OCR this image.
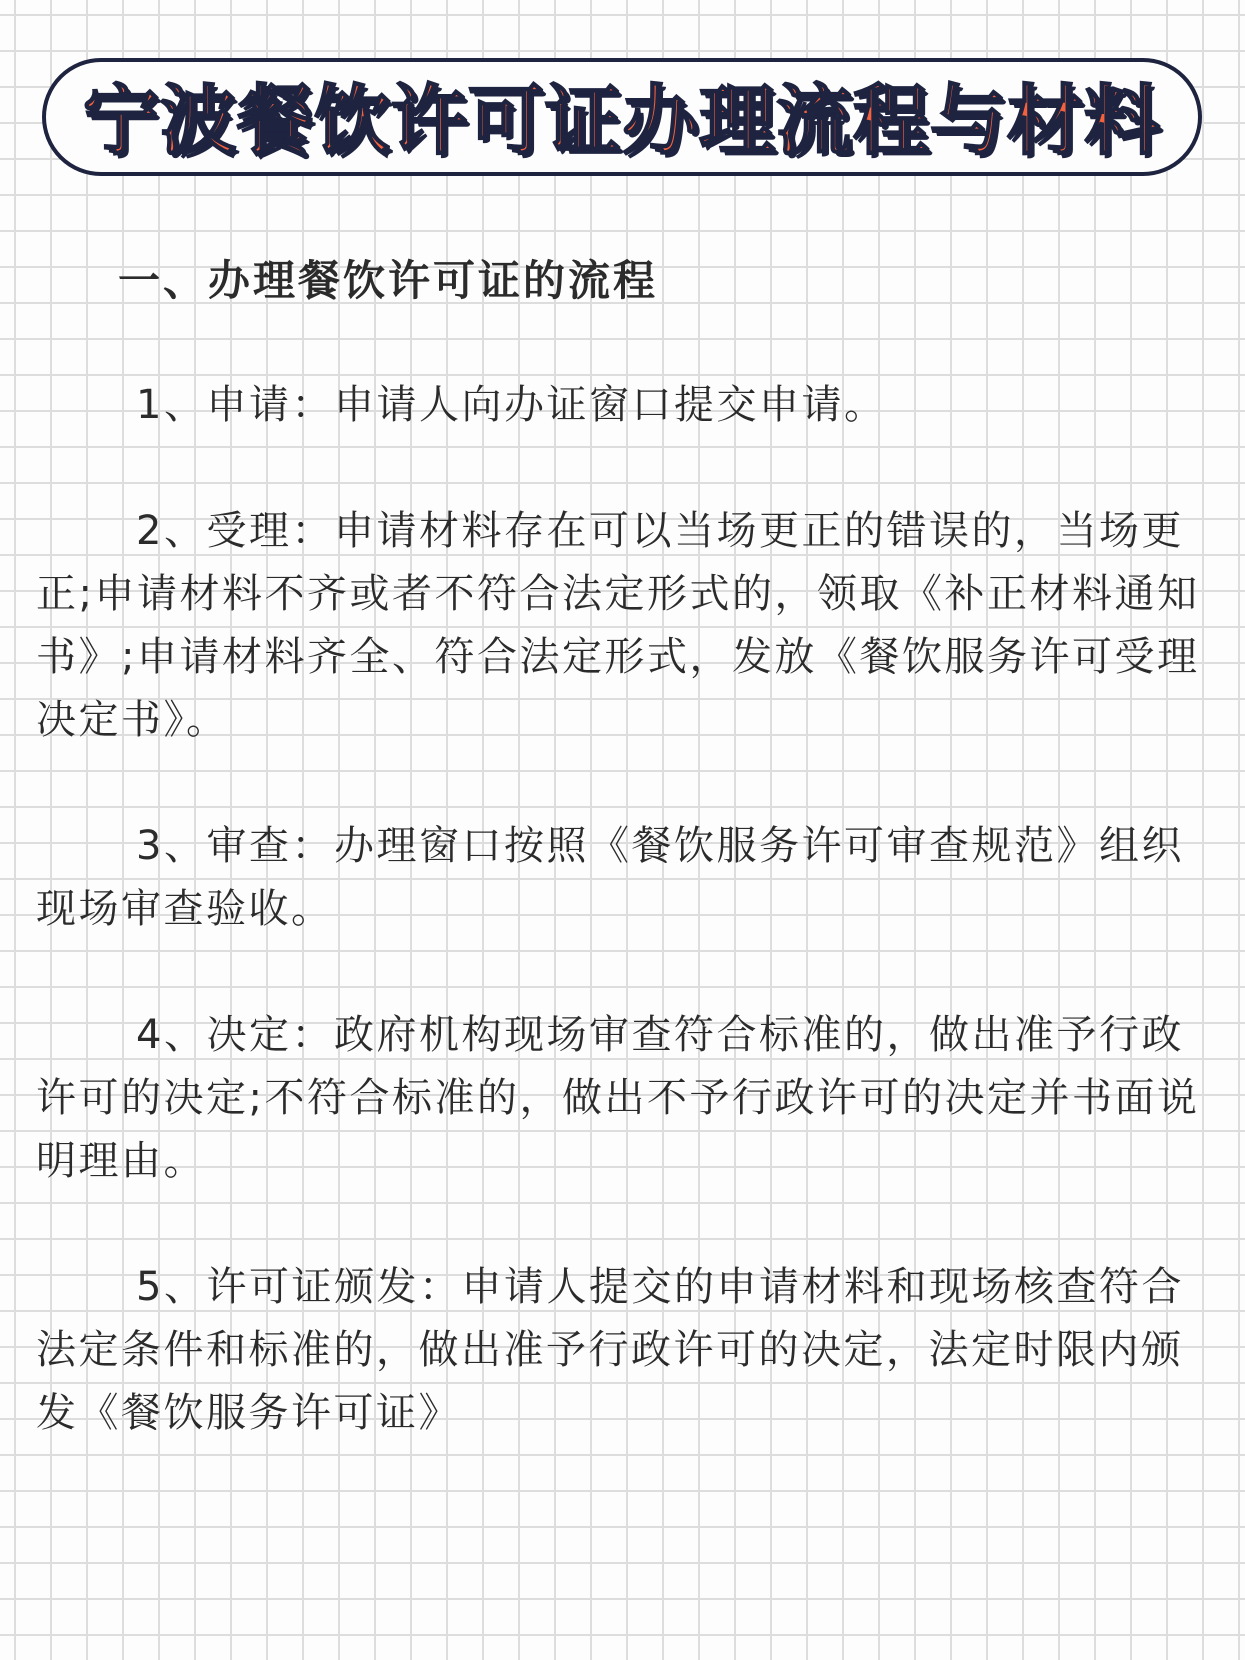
宁波餐饮许可证办理流程与材料
一、办理餐饮许可证的流程

1、申请：申请人向办证窗口提交申请。

2、受理：申请材料存在可以当场更正的错误的，当场更正;申请材料不齐或者不符合法定形式的，领取《补正材料通知书》;申请材料齐全、符合法定形式，发放《餐饮服务许可受理决定书》。

3、审查：办理窗口按照《餐饮服务许可审查规范》组织现场审查验收。

4、决定：政府机构现场审查符合标准的，做出准予行政许可的决定;不符合标准的，做出不予行政许可的决定并书面说明理由。

5、许可证颁发：申请人提交的申请材料和现场核查符合法定条件和标准的，做出准予行政许可的决定，法定时限内颁发《餐饮服务许可证》
